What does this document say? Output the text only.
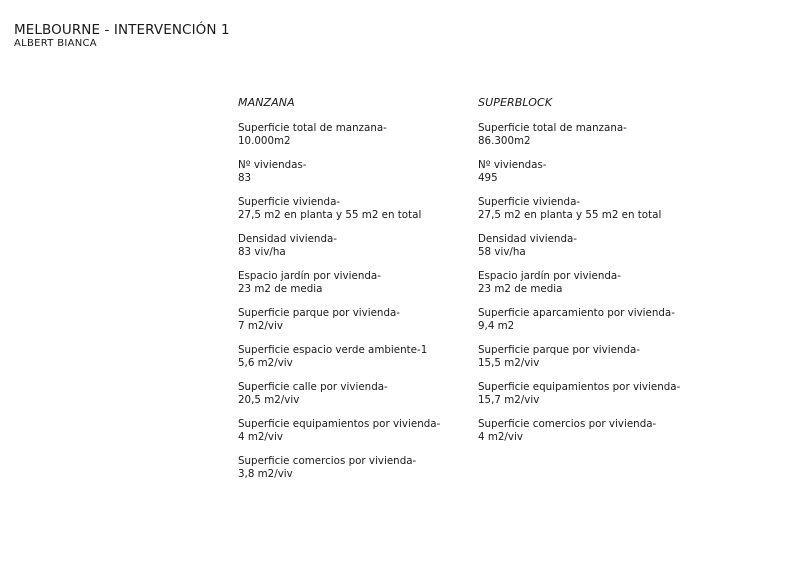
MELBOURNE - INTERVENCIÓN 1

ALBERT BIANCA

MANZANA
Superficie total de manzana-
10.000m2
Nº viviendas-
83
Superficie vivienda-
27,5 m2 en planta y 55 m2 en total
Densidad vivienda-
83 viv/ha
Espacio jardín por vivienda-
23 m2 de media
Superficie parque por vivienda-
7 m2/viv
Superficie espacio verde ambiente-1
5,6 m2/viv
Superficie calle por vivienda-
20,5 m2/viv
Superficie equipamientos por vivienda-
4 m2/viv
Superficie comercios por vivienda-
3,8 m2/viv
SUPERBLOCK
Superficie total de manzana-
86.300m2
Nº viviendas-
495
Superficie vivienda-
27,5 m2 en planta y 55 m2 en total
Densidad vivienda-
58 viv/ha
Espacio jardín por vivienda-
23 m2 de media
Superficie aparcamiento por vivienda-
9,4 m2
Superficie parque por vivienda-
15,5 m2/viv
Superficie equipamientos por vivienda-
15,7 m2/viv
Superficie comercios por vivienda-
4 m2/viv
